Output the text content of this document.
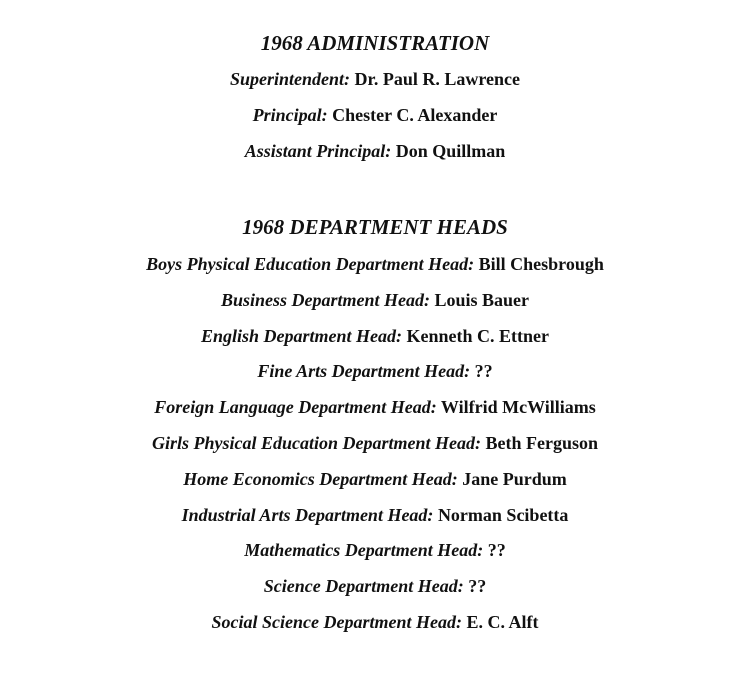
1968 ADMINISTRATION

Superintendent: Dr. Paul R. Lawrence

Principal: Chester C. Alexander

Assistant Principal: Don Quillman

1968 DEPARTMENT HEADS

Boys Physical Education Department Head: Bill Chesbrough

Business Department Head: Louis Bauer

English Department Head: Kenneth C. Ettner

Fine Arts Department Head: ??

Foreign Language Department Head: Wilfrid McWilliams

Girls Physical Education Department Head: Beth Ferguson

Home Economics Department Head: Jane Purdum

Industrial Arts Department Head: Norman Scibetta

Mathematics Department Head: ??

Science Department Head: ??

Social Science Department Head: E. C. Alft
